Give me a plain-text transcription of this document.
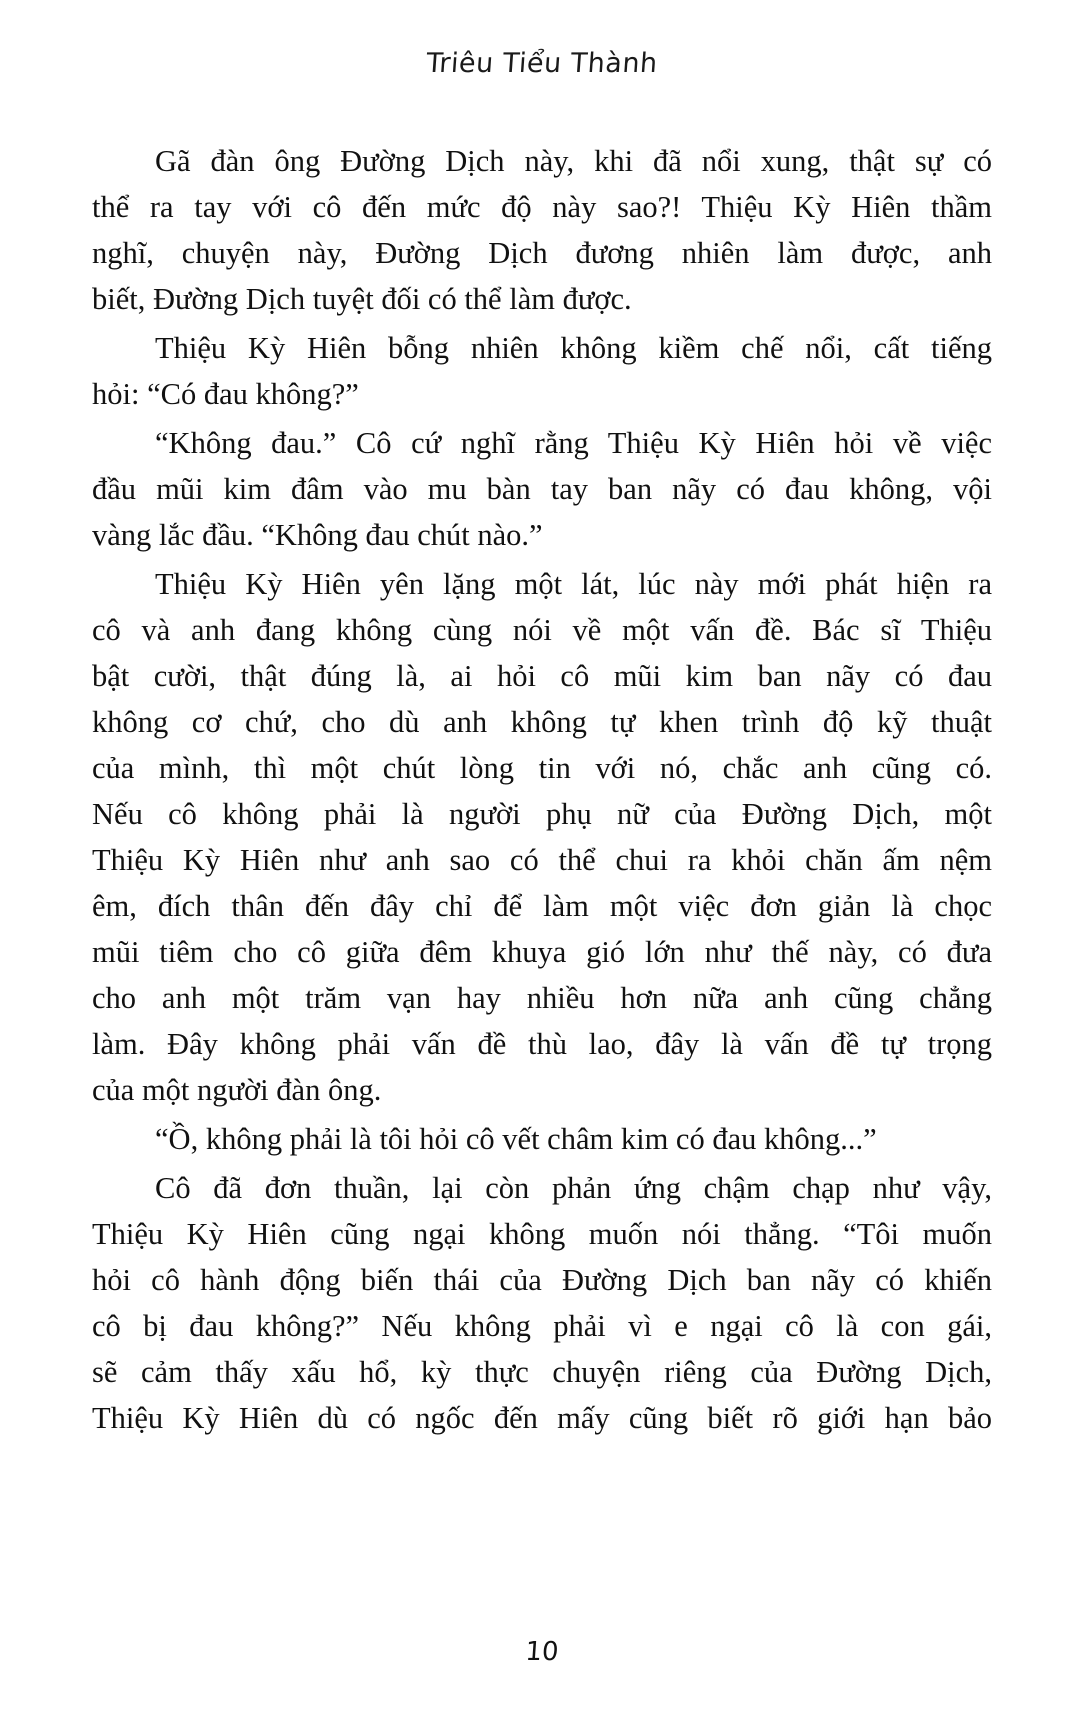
Triêu Tiểu Thành
Gã đàn ông Đường Dịch này, khi đã nổi xung, thật sự có
thể ra tay với cô đến mức độ này sao?! Thiệu Kỳ Hiên thầm
nghĩ, chuyện này, Đường Dịch đương nhiên làm được, anh
biết, Đường Dịch tuyệt đối có thể làm được.
Thiệu Kỳ Hiên bỗng nhiên không kiềm chế nổi, cất tiếng
hỏi: “Có đau không?”
“Không đau.” Cô cứ nghĩ rằng Thiệu Kỳ Hiên hỏi về việc
đầu mũi kim đâm vào mu bàn tay ban nãy có đau không, vội
vàng lắc đầu. “Không đau chút nào.”
Thiệu Kỳ Hiên yên lặng một lát, lúc này mới phát hiện ra
cô và anh đang không cùng nói về một vấn đề. Bác sĩ Thiệu
bật cười, thật đúng là, ai hỏi cô mũi kim ban nãy có đau
không cơ chứ, cho dù anh không tự khen trình độ kỹ thuật
của mình, thì một chút lòng tin với nó, chắc anh cũng có.
Nếu cô không phải là người phụ nữ của Đường Dịch, một
Thiệu Kỳ Hiên như anh sao có thể chui ra khỏi chăn ấm nệm
êm, đích thân đến đây chỉ để làm một việc đơn giản là chọc
mũi tiêm cho cô giữa đêm khuya gió lớn như thế này, có đưa
cho anh một trăm vạn hay nhiều hơn nữa anh cũng chẳng
làm. Đây không phải vấn đề thù lao, đây là vấn đề tự trọng
của một người đàn ông.
“Ồ, không phải là tôi hỏi cô vết châm kim có đau không...”
Cô đã đơn thuần, lại còn phản ứng chậm chạp như vậy,
Thiệu Kỳ Hiên cũng ngại không muốn nói thẳng. “Tôi muốn
hỏi cô hành động biến thái của Đường Dịch ban nãy có khiến
cô bị đau không?” Nếu không phải vì e ngại cô là con gái,
sẽ cảm thấy xấu hổ, kỳ thực chuyện riêng của Đường Dịch,
Thiệu Kỳ Hiên dù có ngốc đến mấy cũng biết rõ giới hạn bảo
10
